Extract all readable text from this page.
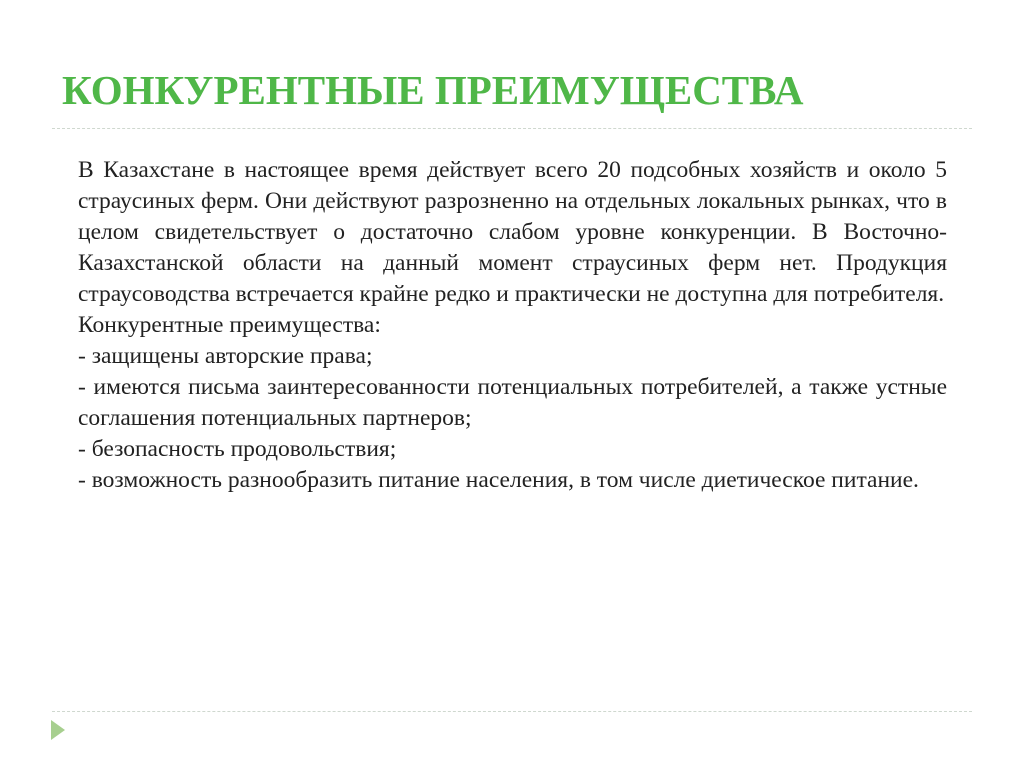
КОНКУРЕНТНЫЕ ПРЕИМУЩЕСТВА

В Казахстане в настоящее время действует всего 20 подсобных хозяйств и около 5 страусиных ферм. Они действуют разрозненно на отдельных локальных рынках, что в целом свидетельствует о достаточно слабом уровне конкуренции. В Восточно-Казахстанской области на данный момент страусиных ферм нет. Продукция страусоводства встречается крайне редко и практически не доступна для потребителя.

Конкурентные преимущества:

- защищены авторские права;

- имеются письма заинтересованности потенциальных потребителей, а также устные соглашения потенциальных партнеров;

- безопасность продовольствия;

- возможность разнообразить питание населения, в том числе диетическое питание.
